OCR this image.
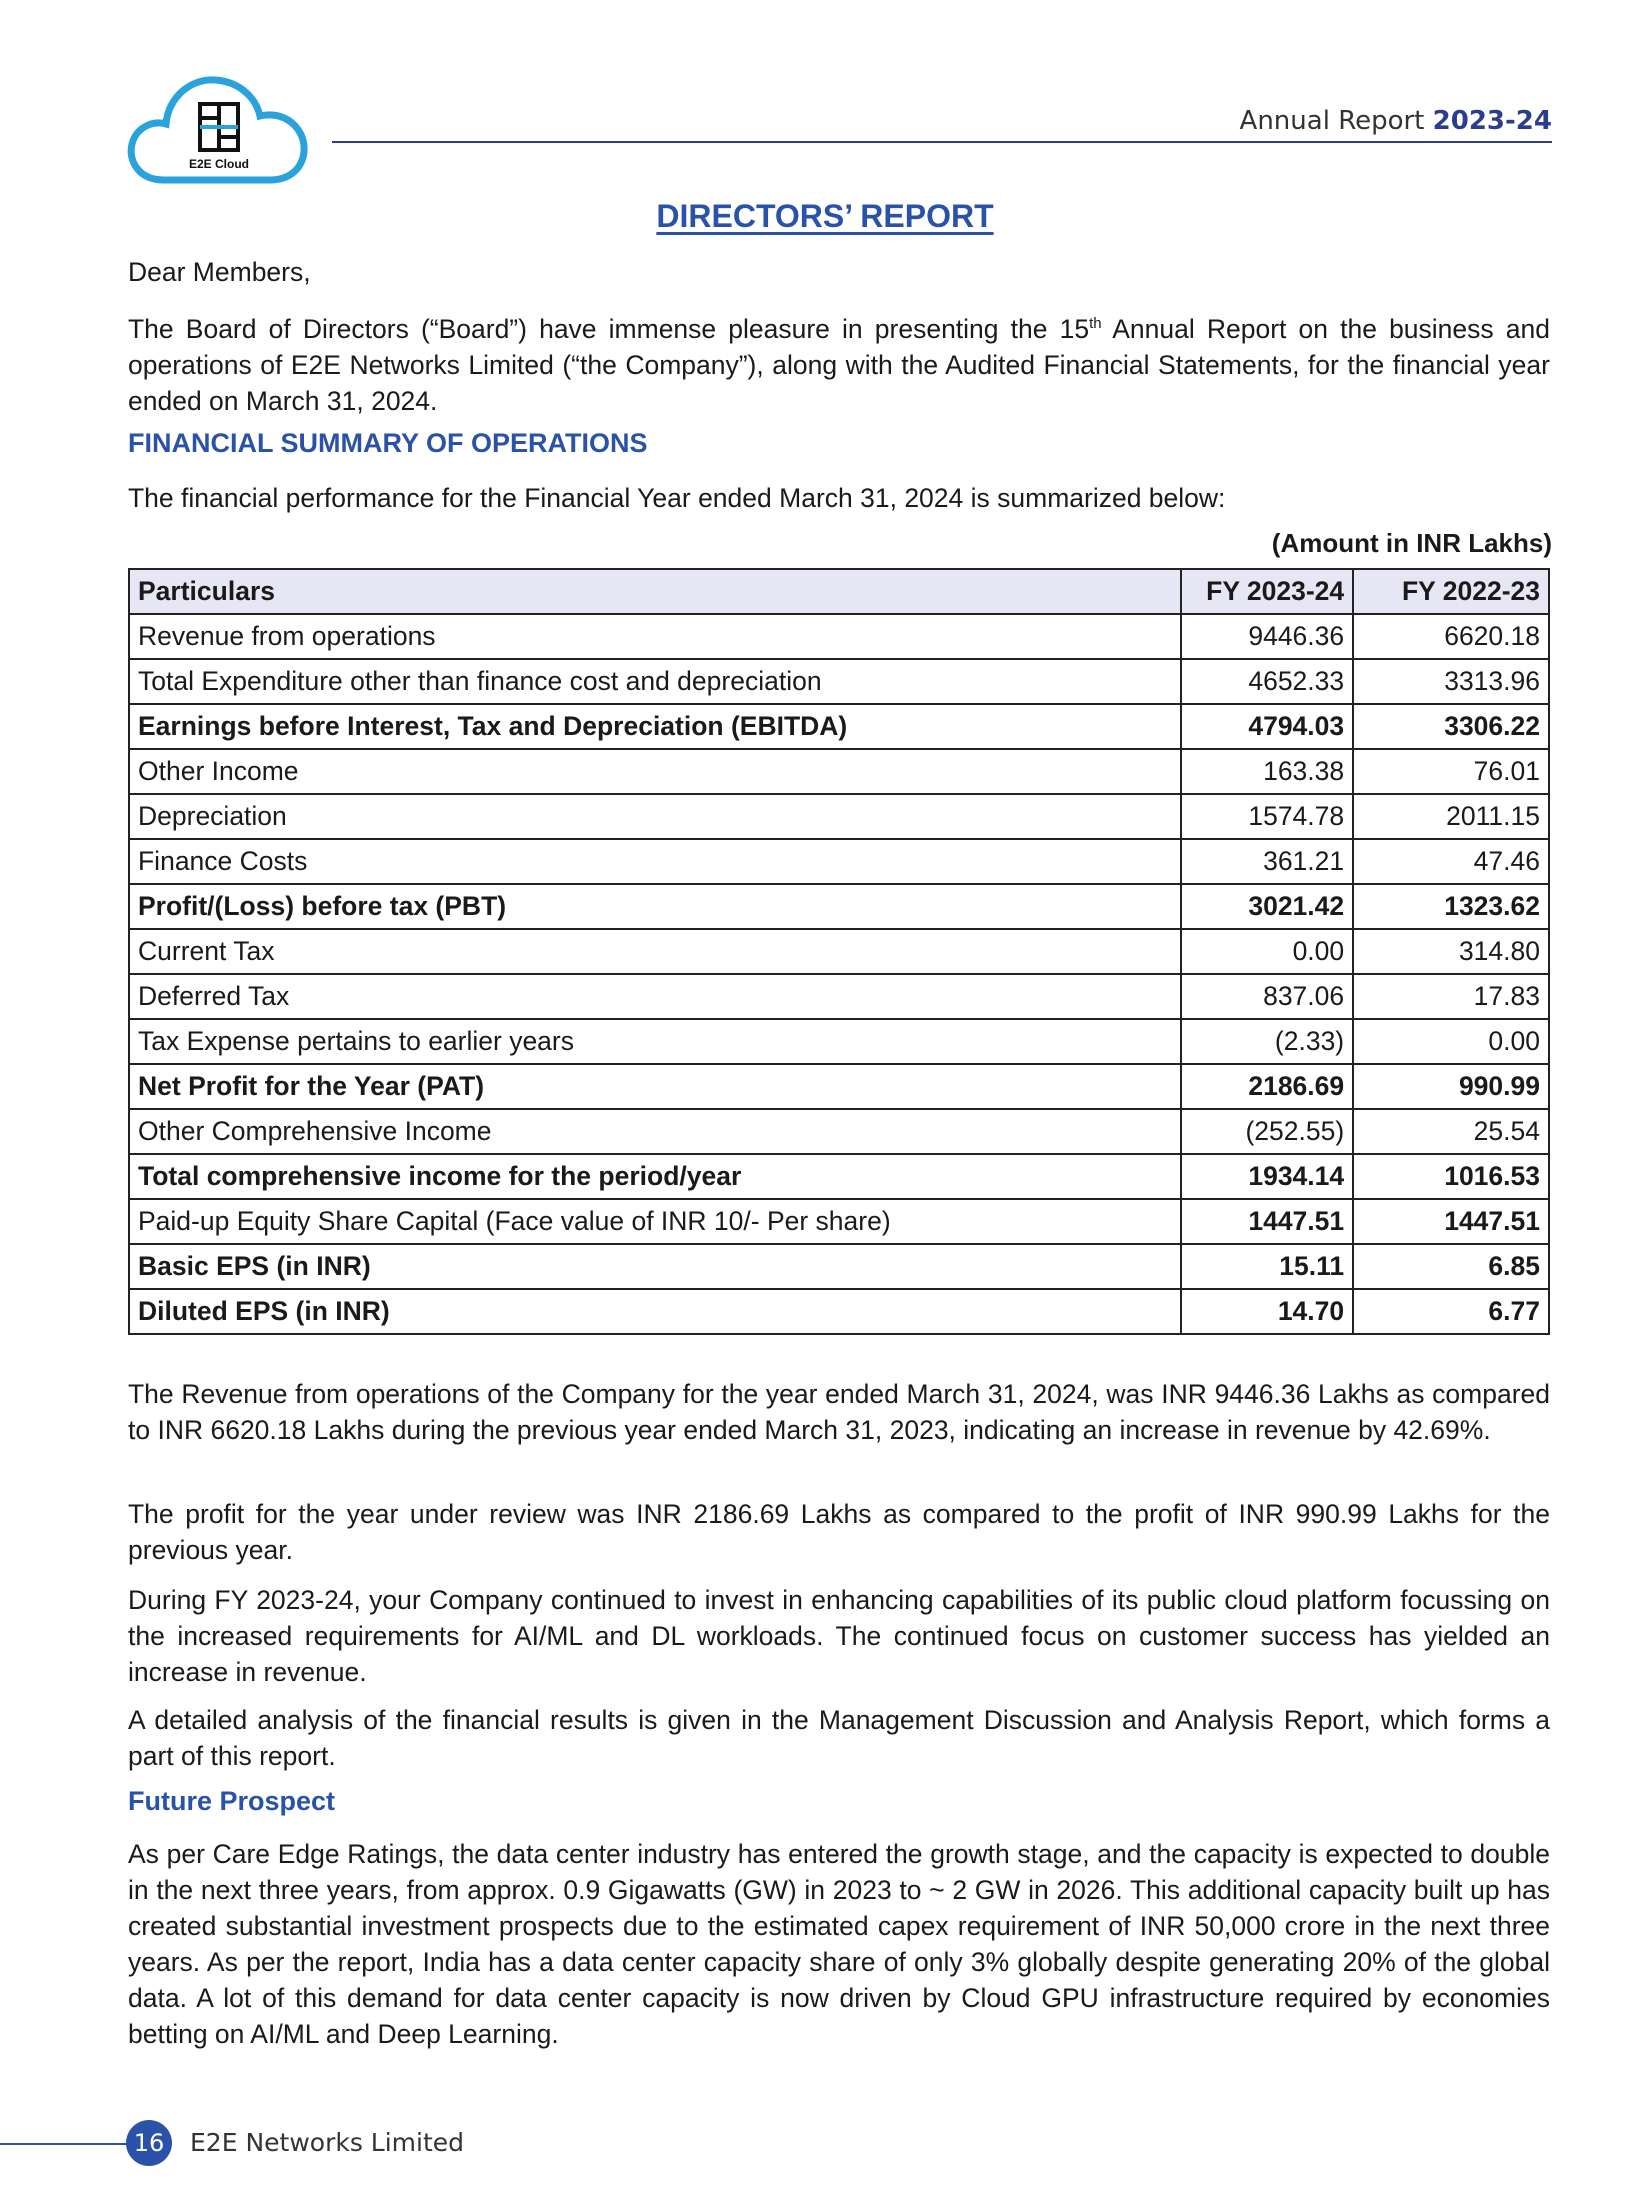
E2E Cloud
Annual Report 2023-24
DIRECTORS’ REPORT
Dear Members,
The Board of Directors (“Board”) have immense pleasure in presenting the 15th Annual Report on the business and operations of E2E Networks Limited (“the Company”), along with the Audited Financial Statements, for the financial year ended on March 31, 2024.
FINANCIAL SUMMARY OF OPERATIONS
The financial performance for the Financial Year ended March 31, 2024 is summarized below:
(Amount in INR Lakhs)
Particulars	FY 2023-24	FY 2022-23
Revenue from operations	9446.36	6620.18
Total Expenditure other than finance cost and depreciation	4652.33	3313.96
Earnings before Interest, Tax and Depreciation (EBITDA)	4794.03	3306.22
Other Income	163.38	76.01
Depreciation	1574.78	2011.15
Finance Costs	361.21	47.46
Profit/(Loss) before tax (PBT)	3021.42	1323.62
Current Tax	0.00	314.80
Deferred Tax	837.06	17.83
Tax Expense pertains to earlier years	(2.33)	0.00
Net Profit for the Year (PAT)	2186.69	990.99
Other Comprehensive Income	(252.55)	25.54
Total comprehensive income for the period/year	1934.14	1016.53
Paid-up Equity Share Capital (Face value of INR 10/- Per share)	1447.51	1447.51
Basic EPS (in INR)	15.11	6.85
Diluted EPS (in INR)	14.70	6.77
The Revenue from operations of the Company for the year ended March 31, 2024, was INR 9446.36 Lakhs as compared to INR 6620.18 Lakhs during the previous year ended March 31, 2023, indicating an increase in revenue by 42.69%.
The profit for the year under review was INR 2186.69 Lakhs as compared to the profit of INR 990.99 Lakhs for the previous year.
During FY 2023-24, your Company continued to invest in enhancing capabilities of its public cloud platform focussing on the increased requirements for AI/ML and DL workloads. The continued focus on customer success has yielded an increase in revenue.
A detailed analysis of the financial results is given in the Management Discussion and Analysis Report, which forms a part of this report.
Future Prospect
As per Care Edge Ratings, the data center industry has entered the growth stage, and the capacity is expected to double in the next three years, from approx. 0.9 Gigawatts (GW) in 2023 to ~ 2 GW in 2026. This additional capacity built up has created substantial investment prospects due to the estimated capex requirement of INR 50,000 crore in the next three years. As per the report, India has a data center capacity share of only 3% globally despite generating 20% of the global data. A lot of this demand for data center capacity is now driven by Cloud GPU infrastructure required by economies betting on AI/ML and Deep Learning.
16	E2E Networks Limited
